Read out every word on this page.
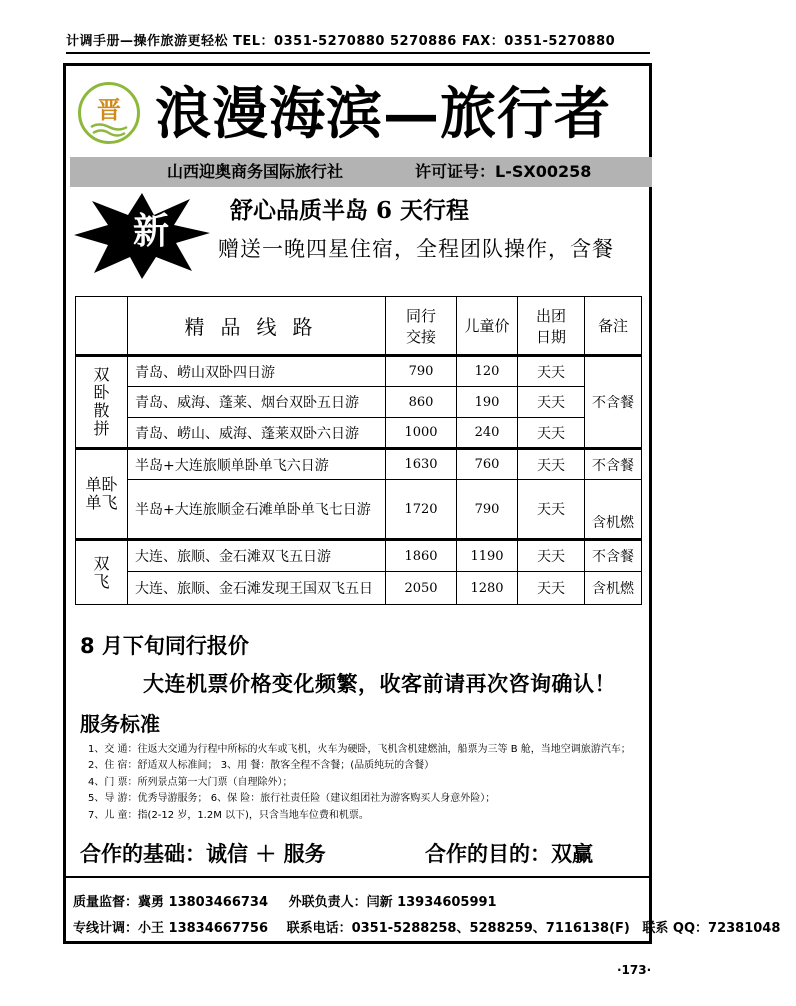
计调手册—操作旅游更轻松 TEL：0351-5270880 5270886 FAX：0351-5270880
晋 浪漫海滨—旅行者
山西迎奥商务国际旅行社	许可证号：L-SX00258
新	舒心品质半岛 6 天行程
赠送一晚四星住宿，全程团队操作，含餐
	精品线路	同行交接	儿童价	出团日期	备注
双卧散拼	青岛、崂山双卧四日游	790	120	天天	不含餐
	青岛、威海、蓬莱、烟台双卧五日游	860	190	天天	
	青岛、崂山、威海、蓬莱双卧六日游	1000	240	天天	
单卧单飞	半岛+大连旅顺单卧单飞六日游	1630	760	天天	不含餐
	半岛+大连旅顺金石滩单卧单飞七日游	1720	790	天天	含机燃
双飞	大连、旅顺、金石滩双飞五日游	1860	1190	天天	不含餐
	大连、旅顺、金石滩发现王国双飞五日	2050	1280	天天	含机燃
8 月下旬同行报价
大连机票价格变化频繁，收客前请再次咨询确认！
服务标准
1、交 通：往返大交通为行程中所标的火车或飞机，火车为硬卧，飞机含机建燃油，船票为三等 B 舱，当地空调旅游汽车；
2、住 宿：舒适双人标准间； 3、用 餐：散客全程不含餐；(品质纯玩的含餐）
4、门 票：所列景点第一大门票（自理除外）；
5、导 游：优秀导游服务； 6、保 险：旅行社责任险（建议组团社为游客购买人身意外险）；
7、儿 童：指(2-12 岁，1.2M 以下)，只含当地车位费和机票。
合作的基础：诚信 ＋ 服务	合作的目的：双赢
质量监督：冀勇 13803466734 外联负责人：闫新 13934605991
专线计调：小王 13834667756 联系电话：0351-5288258、5288259、7116138(F) 联系 QQ：72381048
·173·
